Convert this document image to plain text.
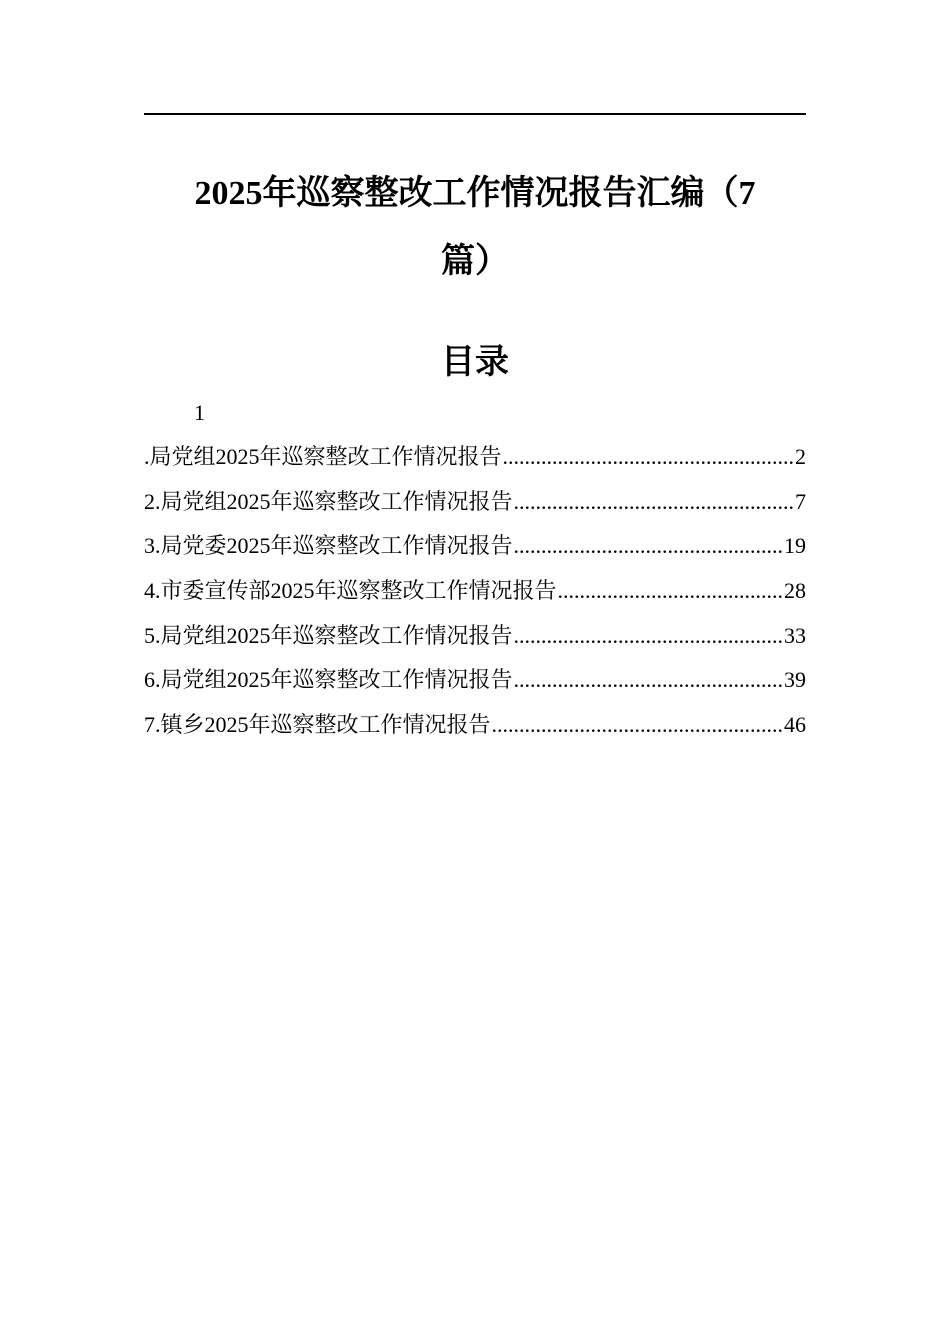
2025年巡察整改工作情况报告汇编（7
篇）
目录
1
.局党组2025年巡察整改工作情况报告 .....	2
2.局党组2025年巡察整改工作情况报告 .....	7
3.局党委2025年巡察整改工作情况报告 .....	19
4.市委宣传部2025年巡察整改工作情况报告 .....	28
5.局党组2025年巡察整改工作情况报告 .....	33
6.局党组2025年巡察整改工作情况报告 .....	39
7.镇乡2025年巡察整改工作情况报告 .....	46
